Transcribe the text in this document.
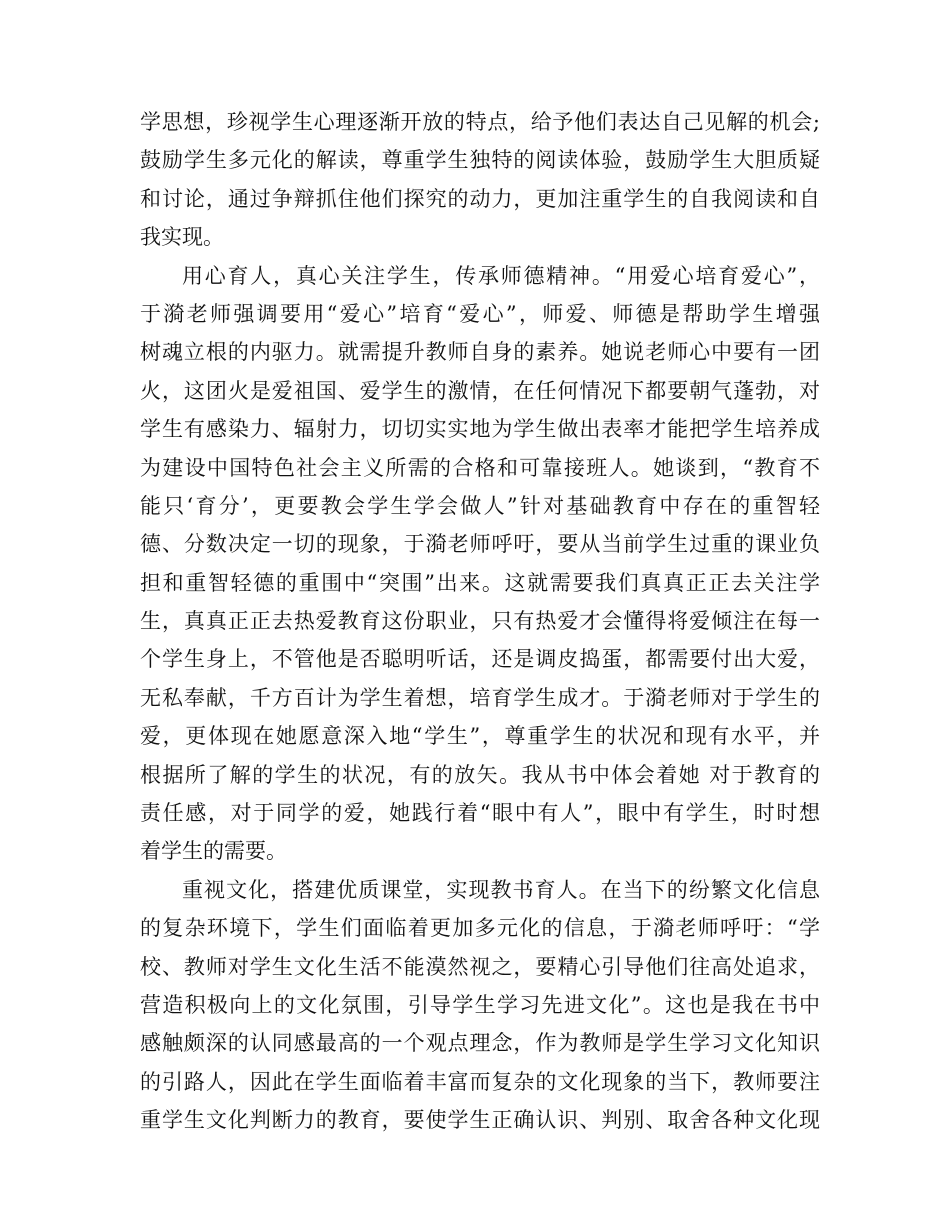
学思想，珍视学生心理逐渐开放的特点，给予他们表达自己见解的机会;
鼓励学生多元化的解读，尊重学生独特的阅读体验，鼓励学生大胆质疑
和讨论，通过争辩抓住他们探究的动力，更加注重学生的自我阅读和自
我实现。
用心育人，真心关注学生，传承师德精神。“用爱心培育爱心”，
于漪老师强调要用“爱心”培育“爱心”，师爱、师德是帮助学生增强
树魂立根的内驱力。就需提升教师自身的素养。她说老师心中要有一团
火，这团火是爱祖国、爱学生的激情，在任何情况下都要朝气蓬勃，对
学生有感染力、辐射力，切切实实地为学生做出表率才能把学生培养成
为建设中国特色社会主义所需的合格和可靠接班人。她谈到，“教育不
能只‘育分’，更要教会学生学会做人”针对基础教育中存在的重智轻
德、分数决定一切的现象，于漪老师呼吁，要从当前学生过重的课业负
担和重智轻德的重围中“突围”出来。这就需要我们真真正正去关注学
生，真真正正去热爱教育这份职业，只有热爱才会懂得将爱倾注在每一
个学生身上，不管他是否聪明听话，还是调皮捣蛋，都需要付出大爱，
无私奉献，千方百计为学生着想，培育学生成才。于漪老师对于学生的
爱，更体现在她愿意深入地“学生”，尊重学生的状况和现有水平，并
根据所了解的学生的状况，有的放矢。我从书中体会着她 对于教育的
责任感，对于同学的爱，她践行着“眼中有人”，眼中有学生，时时想
着学生的需要。
重视文化，搭建优质课堂，实现教书育人。在当下的纷繁文化信息
的复杂环境下，学生们面临着更加多元化的信息，于漪老师呼吁：“学
校、教师对学生文化生活不能漠然视之，要精心引导他们往高处追求，
营造积极向上的文化氛围，引导学生学习先进文化”。这也是我在书中
感触颇深的认同感最高的一个观点理念，作为教师是学生学习文化知识
的引路人，因此在学生面临着丰富而复杂的文化现象的当下，教师要注
重学生文化判断力的教育，要使学生正确认识、判别、取舍各种文化现
